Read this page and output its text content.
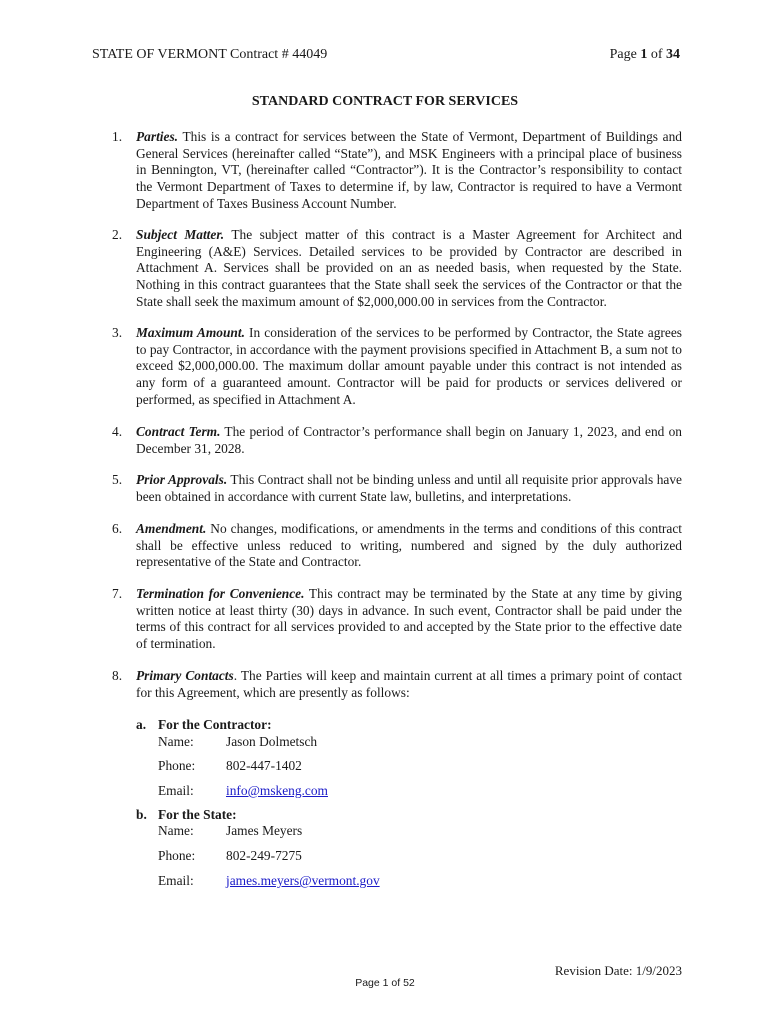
STATE OF VERMONT Contract # 44049	Page 1 of 34
STANDARD CONTRACT FOR SERVICES
1. Parties. This is a contract for services between the State of Vermont, Department of Buildings and General Services (hereinafter called “State”), and MSK Engineers with a principal place of business in Bennington, VT, (hereinafter called “Contractor”). It is the Contractor’s responsibility to contact the Vermont Department of Taxes to determine if, by law, Contractor is required to have a Vermont Department of Taxes Business Account Number.
2. Subject Matter. The subject matter of this contract is a Master Agreement for Architect and Engineering (A&E) Services. Detailed services to be provided by Contractor are described in Attachment A. Services shall be provided on an as needed basis, when requested by the State. Nothing in this contract guarantees that the State shall seek the services of the Contractor or that the State shall seek the maximum amount of $2,000,000.00 in services from the Contractor.
3. Maximum Amount. In consideration of the services to be performed by Contractor, the State agrees to pay Contractor, in accordance with the payment provisions specified in Attachment B, a sum not to exceed $2,000,000.00. The maximum dollar amount payable under this contract is not intended as any form of a guaranteed amount. Contractor will be paid for products or services delivered or performed, as specified in Attachment A.
4. Contract Term. The period of Contractor’s performance shall begin on January 1, 2023, and end on December 31, 2028.
5. Prior Approvals. This Contract shall not be binding unless and until all requisite prior approvals have been obtained in accordance with current State law, bulletins, and interpretations.
6. Amendment. No changes, modifications, or amendments in the terms and conditions of this contract shall be effective unless reduced to writing, numbered and signed by the duly authorized representative of the State and Contractor.
7. Termination for Convenience. This contract may be terminated by the State at any time by giving written notice at least thirty (30) days in advance. In such event, Contractor shall be paid under the terms of this contract for all services provided to and accepted by the State prior to the effective date of termination.
8. Primary Contacts. The Parties will keep and maintain current at all times a primary point of contact for this Agreement, which are presently as follows:
a. For the Contractor:
Name: Jason Dolmetsch
Phone: 802-447-1402
Email: info@mskeng.com
b. For the State:
Name: James Meyers
Phone: 802-249-7275
Email: james.meyers@vermont.gov
Revision Date: 1/9/2023
Page 1 of 52
